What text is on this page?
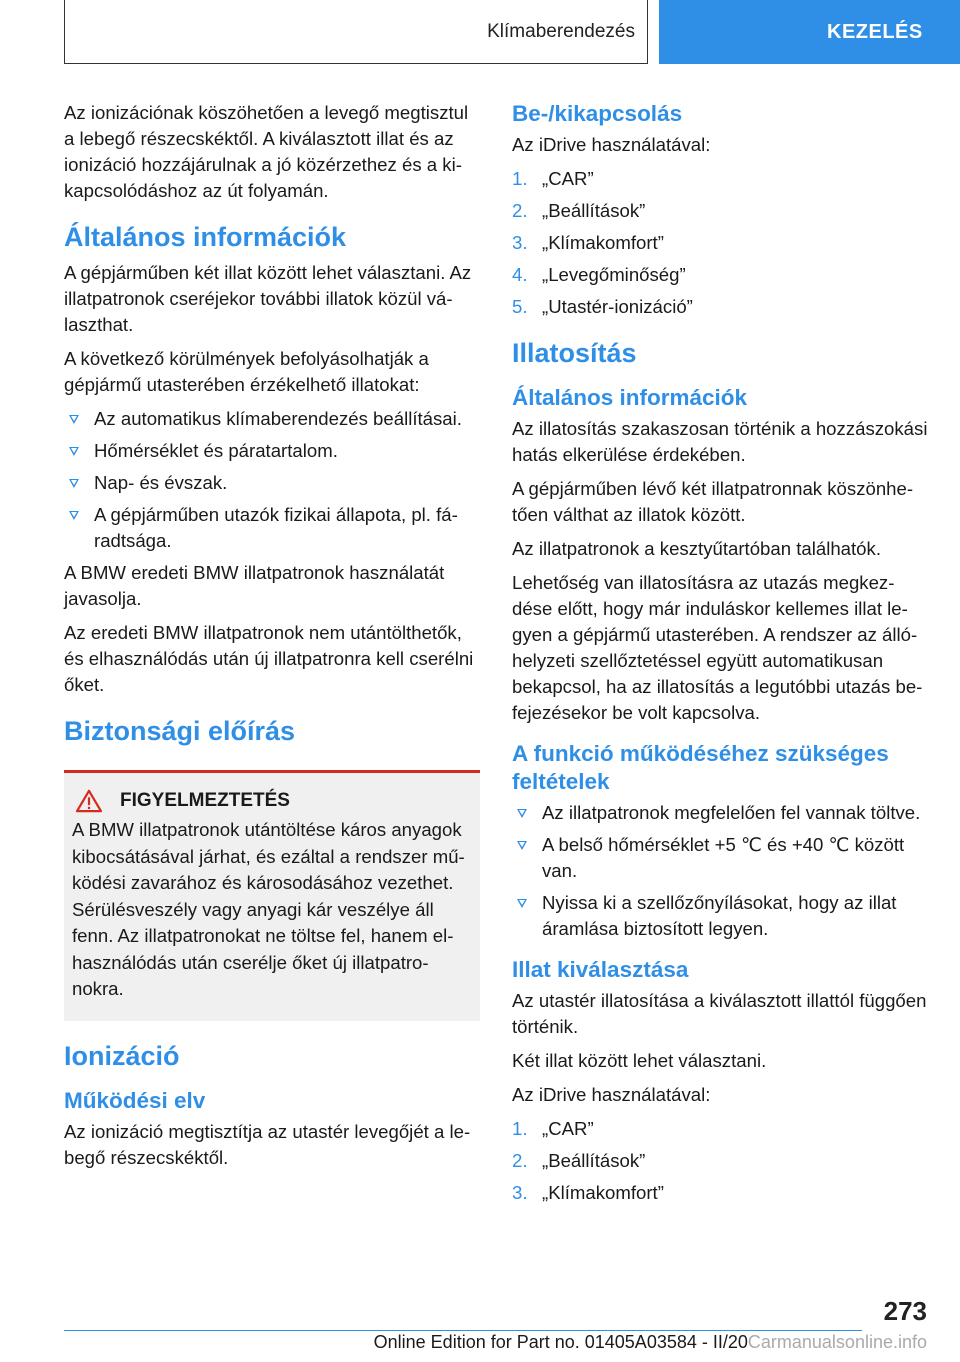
Klímaberendezés	KEZELÉS

Az ionizációnak köszöhetően a levegő megtisztul a lebegő részecskéktől. A kiválasztott illat és az ionizáció hozzájárulnak a jó közérzethez és a kikapcsolódáshoz az út folyamán.

Általános információk

A gépjárműben két illat között lehet választani. Az illatpatronok cseréjekor további illatok közül választhat.

A következő körülmények befolyásolhatják a gépjármű utasterében érzékelhető illatokat:

Az automatikus klímaberendezés beállításai.
Hőmérséklet és páratartalom.
Nap- és évszak.
A gépjárműben utazók fizikai állapota, pl. fáradtsága.

A BMW eredeti BMW illatpatronok használatát javasolja.

Az eredeti BMW illatpatronok nem utántölthetők, és elhasználódás után új illatpatronra kell cserélni őket.

Biztonsági előírás
FIGYELMEZTETÉS

A BMW illatpatronok utántöltése káros anyagok kibocsátásával járhat, és ezáltal a rendszer működési zavarához és károsodásához vezethet. Sérülésveszély vagy anyagi kár veszélye áll fenn. Az illatpatronokat ne töltse fel, hanem elhasználódás után cserélje őket új illatpatronokra.

Ionizáció
Működési elv

Az ionizáció megtisztítja az utastér levegőjét a lebegő részecskéktől.

Be-/kikapcsolás

Az iDrive használatával:

1. „CAR”
2. „Beállítások”
3. „Klímakomfort”
4. „Levegőminőség”
5. „Utastér-ionizáció”
Illatosítás
Általános információk

Az illatosítás szakaszosan történik a hozzászokási hatás elkerülése érdekében.

A gépjárműben lévő két illatpatronnak köszönhetően válthat az illatok között.

Az illatpatronok a kesztyűtartóban találhatók.

Lehetőség van illatosításra az utazás megkezdése előtt, hogy már induláskor kellemes illat legyen a gépjármű utasterében. A rendszer az állóhelyzeti szellőztetéssel együtt automatikusan bekapcsol, ha az illatosítás a legutóbbi utazás befejezésekor be volt kapcsolva.

A funkció működéséhez szükséges feltételek
Az illatpatronok megfelelően fel vannak töltve.
A belső hőmérséklet +5 ℃ és +40 ℃ között van.
Nyissa ki a szellőzőnyílásokat, hogy az illat áramlása biztosított legyen.
Illat kiválasztása

Az utastér illatosítása a kiválasztott illattól függően történik.

Két illat között lehet választani.

Az iDrive használatával:

1. „CAR”
2. „Beállítások”
3. „Klímakomfort”
273
Online Edition for Part no. 01405A03584 - II/20 Carmanualsonline.info
